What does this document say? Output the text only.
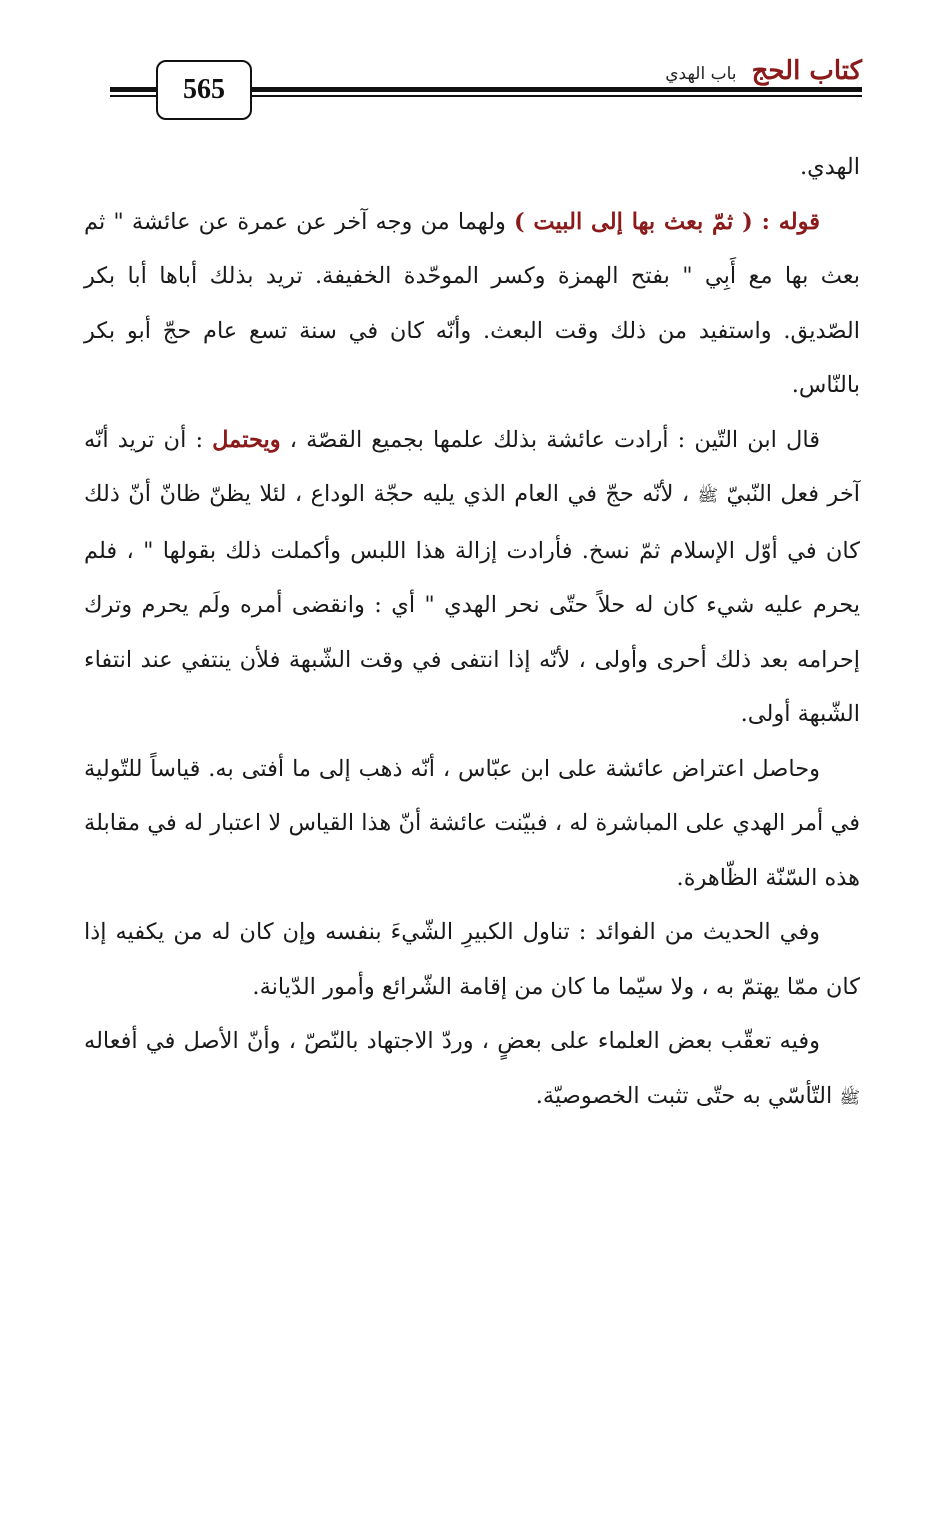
565
كتاب الحج باب الهدي

الهدي.

قوله : ( ثمّ بعث بها إلى البيت ) ولهما من وجه آخر عن عمرة عن عائشة " ثم بعث بها مع أَبِي " بفتح الهمزة وكسر الموحّدة الخفيفة. تريد بذلك أباها أبا بكر الصّديق. واستفيد من ذلك وقت البعث. وأنّه كان في سنة تسع عام حجّ أبو بكر بالنّاس.

قال ابن التّين : أرادت عائشة بذلك علمها بجميع القصّة ، ويحتمل : أن تريد أنّه آخر فعل النّبيّ ﷺ ، لأنّه حجّ في العام الذي يليه حجّة الوداع ، لئلا يظنّ ظانّ أنّ ذلك كان في أوّل الإسلام ثمّ نسخ. فأرادت إزالة هذا اللبس وأكملت ذلك بقولها " ، فلم يحرم عليه شيء كان له حلاً حتّى نحر الهدي " أي : وانقضى أمره ولَم يحرم وترك إحرامه بعد ذلك أحرى وأولى ، لأنّه إذا انتفى في وقت الشّبهة فلأن ينتفي عند انتفاء الشّبهة أولى.

وحاصل اعتراض عائشة على ابن عبّاس ، أنّه ذهب إلى ما أفتى به. قياساً للتّولية في أمر الهدي على المباشرة له ، فبيّنت عائشة أنّ هذا القياس لا اعتبار له في مقابلة هذه السّنّة الظّاهرة.

وفي الحديث من الفوائد : تناول الكبيرِ الشّيءَ بنفسه وإن كان له من يكفيه إذا كان ممّا يهتمّ به ، ولا سيّما ما كان من إقامة الشّرائع وأمور الدّيانة.

وفيه تعقّب بعض العلماء على بعضٍ ، وردّ الاجتهاد بالنّصّ ، وأنّ الأصل في أفعاله ﷺ التّأسّي به حتّى تثبت الخصوصيّة.
